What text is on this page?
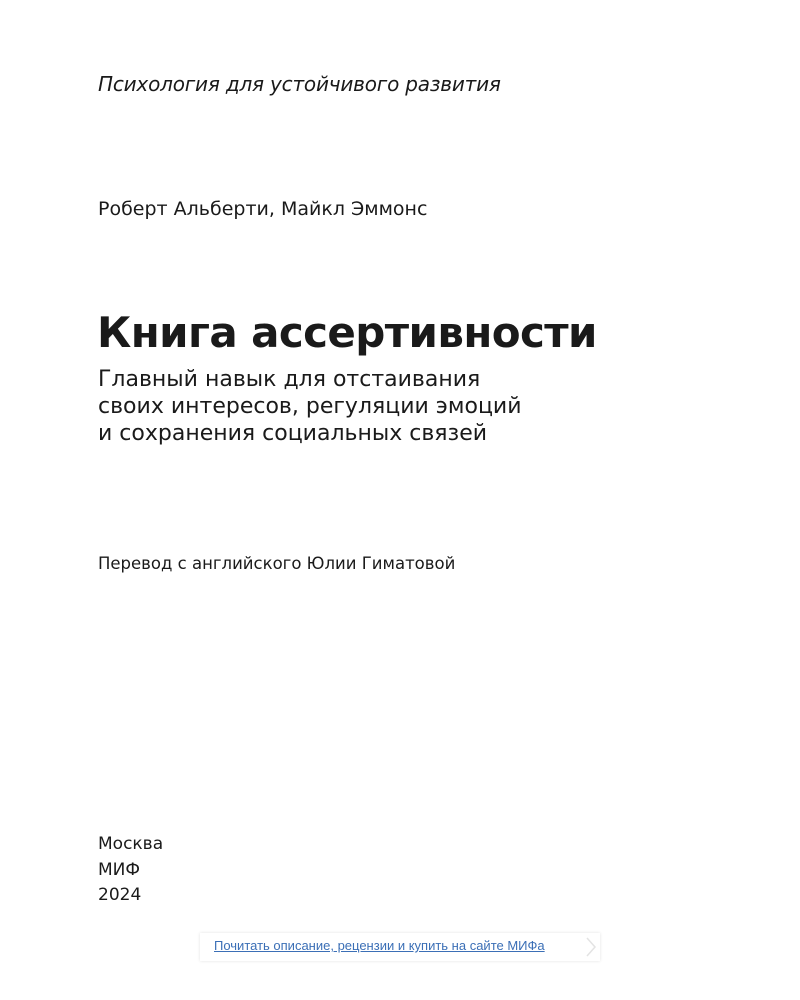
Психология для устойчивого развития
Роберт Альберти, Майкл Эммонс
Книга ассертивности
Главный навык для отстаивания
своих интересов, регуляции эмоций
и сохранения социальных связей
Перевод с английского Юлии Гиматовой
Москва
МИФ
2024
Почитать описание, рецензии и купить на сайте МИФа
